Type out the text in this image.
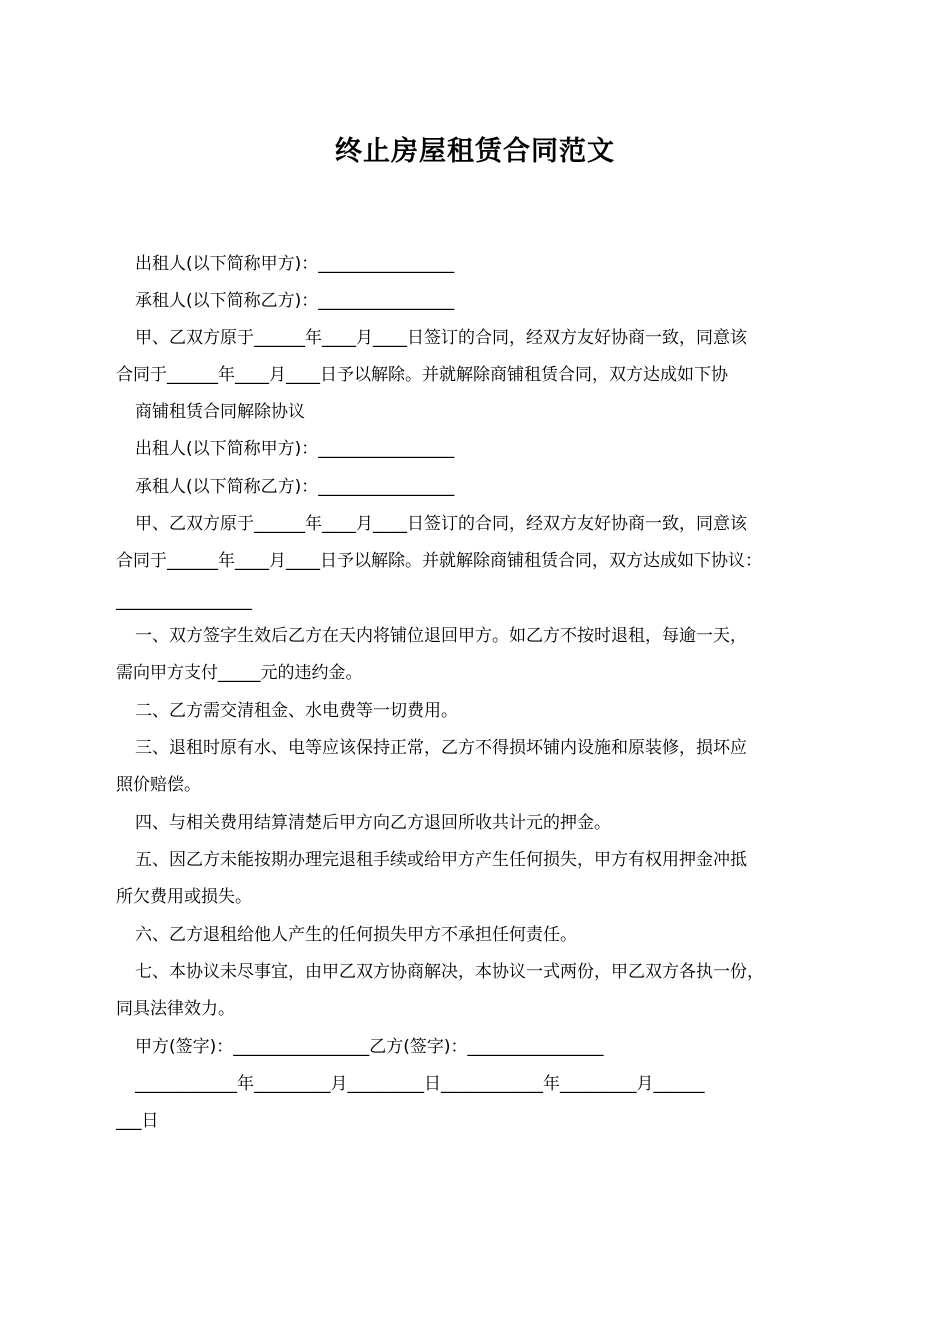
终止房屋租赁合同范文
出租人(以下简称甲方)：________________
承租人(以下简称乙方)：________________
甲、乙双方原于______年____月____日签订的合同，经双方友好协商一致，同意该
合同于______年____月____日予以解除。并就解除商铺租赁合同，双方达成如下协
商铺租赁合同解除协议
出租人(以下简称甲方)：________________
承租人(以下简称乙方)：________________
甲、乙双方原于______年____月____日签订的合同，经双方友好协商一致，同意该
合同于______年____月____日予以解除。并就解除商铺租赁合同，双方达成如下协议：
________________
一、双方签字生效后乙方在天内将铺位退回甲方。如乙方不按时退租，每逾一天，
需向甲方支付_____元的违约金。
二、乙方需交清租金、水电费等一切费用。
三、退租时原有水、电等应该保持正常，乙方不得损坏铺内设施和原装修，损坏应
照价赔偿。
四、与相关费用结算清楚后甲方向乙方退回所收共计元的押金。
五、因乙方未能按期办理完退租手续或给甲方产生任何损失，甲方有权用押金冲抵
所欠费用或损失。
六、乙方退租给他人产生的任何损失甲方不承担任何责任。
七、本协议未尽事宜，由甲乙双方协商解决，本协议一式两份，甲乙双方各执一份，
同具法律效力。
甲方(签字)：________________乙方(签字)：________________
____________年_________月_________日____________年_________月______
___日
